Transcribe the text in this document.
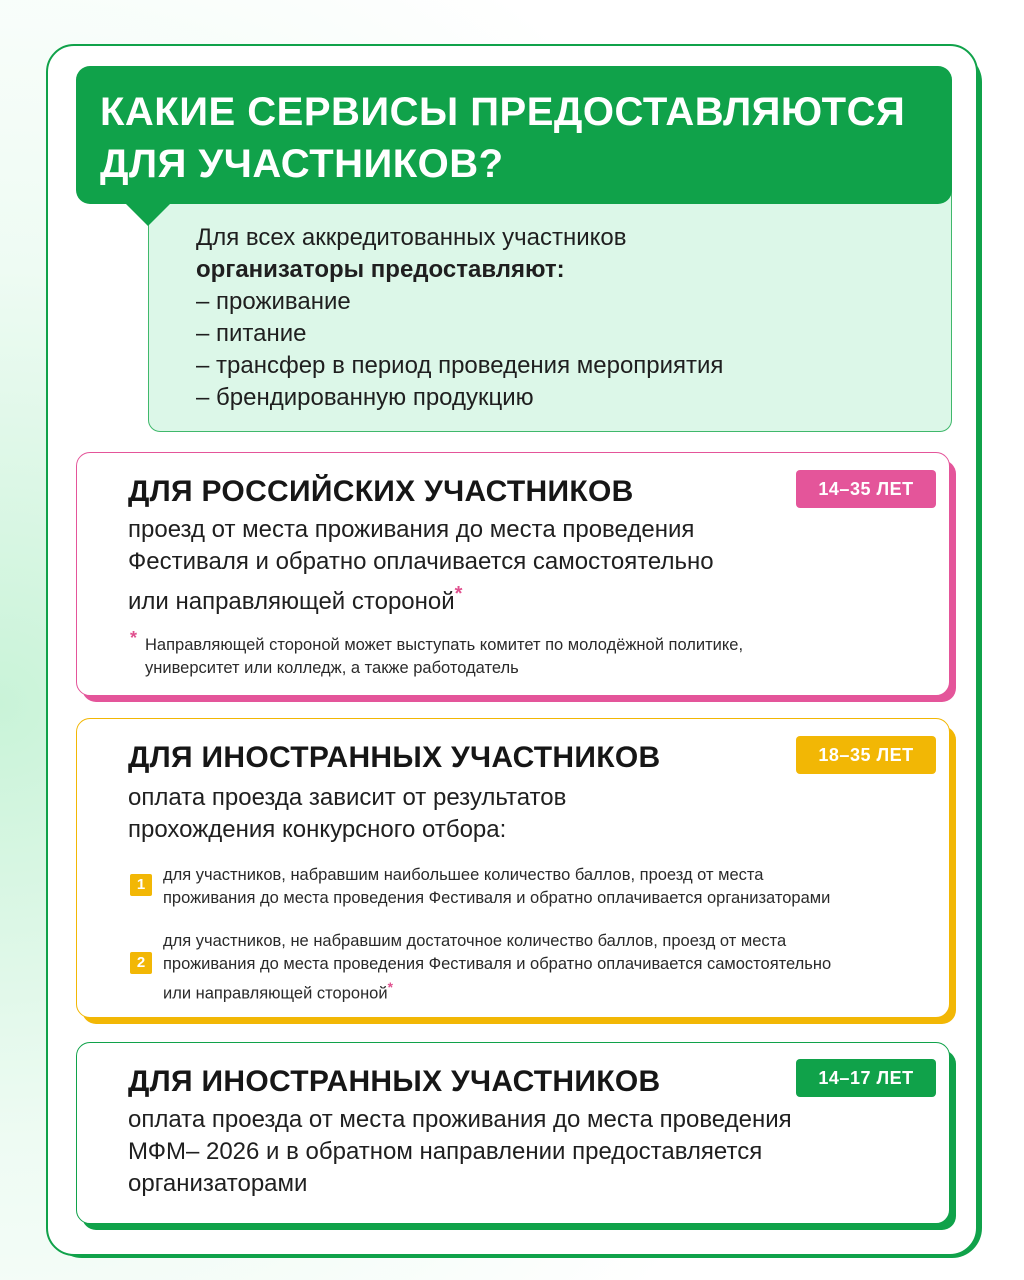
КАКИЕ СЕРВИСЫ ПРЕДОСТАВЛЯЮТСЯ ДЛЯ УЧАСТНИКОВ?
Для всех аккредитованных участников
организаторы предоставляют:
– проживание
– питание
– трансфер в период проведения мероприятия
– брендированную продукцию
ДЛЯ РОССИЙСКИХ УЧАСТНИКОВ	14–35 ЛЕТ
проезд от места проживания до места проведения
Фестиваля и обратно оплачивается самостоятельно
или направляющей стороной*
* Направляющей стороной может выступать комитет по молодёжной политике,
университет или колледж, а также работодатель
ДЛЯ ИНОСТРАННЫХ УЧАСТНИКОВ	18–35 ЛЕТ
оплата проезда зависит от результатов
прохождения конкурсного отбора:
1
для участников, набравшим наибольшее количество баллов, проезд от места
проживания до места проведения Фестиваля и обратно оплачивается организаторами
2
для участников, не набравшим достаточное количество баллов, проезд от места
проживания до места проведения Фестиваля и обратно оплачивается самостоятельно
или направляющей стороной*
ДЛЯ ИНОСТРАННЫХ УЧАСТНИКОВ	14–17 ЛЕТ
оплата проезда от места проживания до места проведения
МФМ– 2026 и в обратном направлении предоставляется
организаторами
